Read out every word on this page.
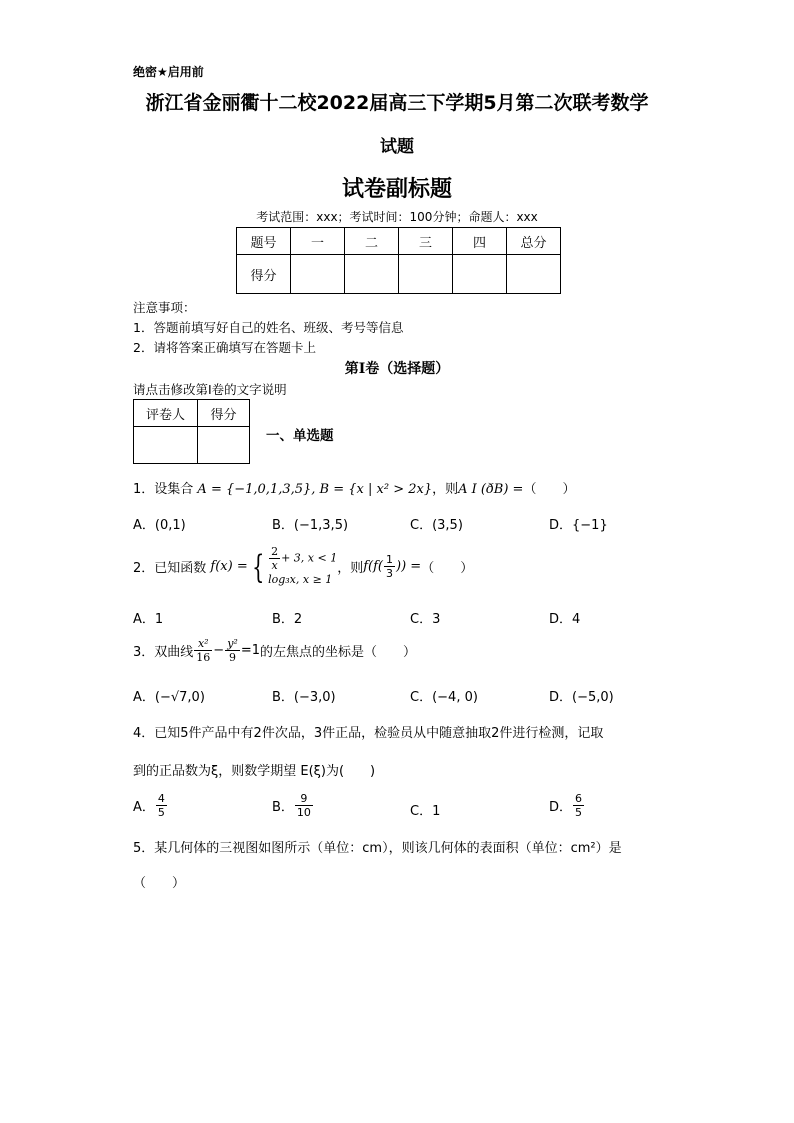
绝密★启用前
浙江省金丽衢十二校2022届高三下学期5月第二次联考数学
试题
试卷副标题
考试范围：xxx；考试时间：100分钟；命题人：xxx
题号	一	二	三	四	总分
得分					
注意事项：
1．答题前填写好自己的姓名、班级、考号等信息
2．请将答案正确填写在答题卡上
第I卷（选择题）
请点击修改第I卷的文字说明
评卷人	得分

一、单选题
1．设集合 A = {−1,0,1,3,5}, B = {x | x² > 2x}，则A I (ðB) =（　　）
A．(0,1)	B．(−1,3,5)	C．(3,5)	D．{−1}
2．已知函数 f(x) = { $\frac{2}{x} + 3$, x < 1
log₃x, x ≥ 1
，则$f(f( \frac{1}{3}$ )) =（　　）
A．1	B．2	C．3	D．4
3．双曲线 $\frac{\text{x²}}{16} - \frac{\text{y²}}{9} =1$的左焦点的坐标是（　　）
A．(−√7,0)	B．(−3,0)	C．(−4, 0)	D．(−5,0)
4．已知5件产品中有2件次品，3件正品，检验员从中随意抽取2件进行检测，记取
到的正品数为ξ，则数学期望 E(ξ)为(　　)
A． $\frac{4}{5}$	B． $\frac{9}{10}$	C．1	D． $\frac{6}{5}$
5．某几何体的三视图如图所示（单位：cm），则该几何体的表面积（单位：cm²）是
（　　）
